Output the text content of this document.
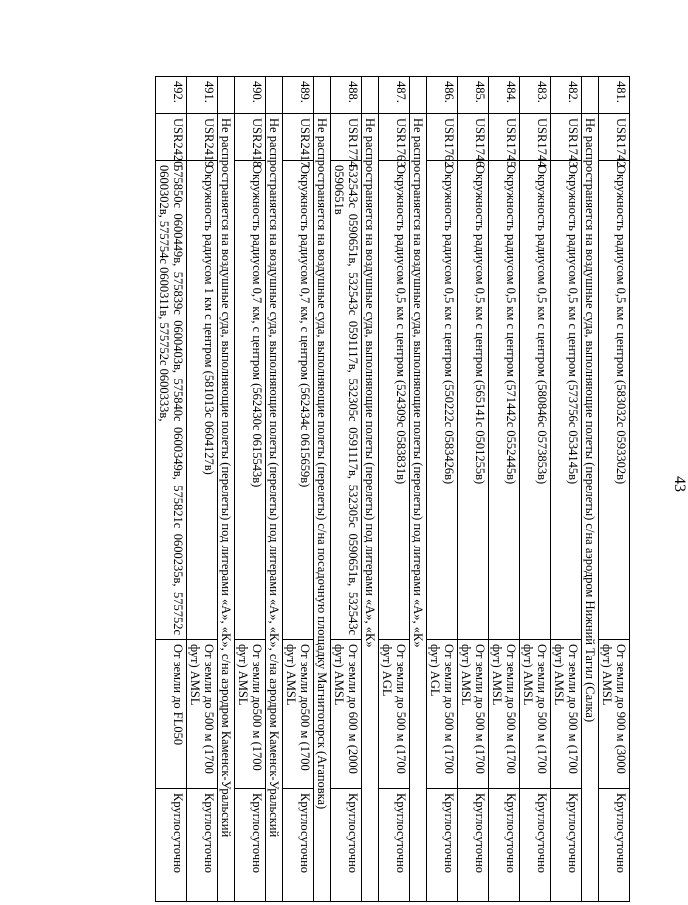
43
481.	USR1742	Окружность радиусом 0,5 км с центром (583032с 0593302в)	От земли до 900 м (3000 фут) AMSL	Круглосуточно
	Не распространяется на воздушные суда, выполняющие полеты (перелеты) с/на аэродром Нижний Тагил (Салка)			
482.	USR1743	Окружность радиусом 0,5 км с центром (573756с 0534145в)	От земли до 500 м (1700 фут) AMSL	Круглосуточно
483.	USR1744	Окружность радиусом 0,5 км с центром (580846с 0573853в)	От земли до 500 м (1700 фут) AMSL	Круглосуточно
484.	USR1745	Окружность радиусом 0,5 км с центром (571442с 0552445в)	От земли до 500 м (1700 фут) AMSL	Круглосуточно
485.	USR1746	Окружность радиусом 0,5 км с центром (565141с 0501255в)	От земли до 500 м (1700 фут) AMSL	Круглосуточно
486.	USR1762	Окружность радиусом 0,5 км с центром (550222с 0583426в)	От земли до 500 м (1700 фут) AGL	Круглосуточно
	Не распространяется на воздушные суда, выполняющие полеты (перелеты) под литерами «А», «К»			
487.	USR1763	Окружность радиусом 0,5 км с центром (524309с 0583831в)	От земли до 500 м (1700 фут) AGL	Круглосуточно
	Не распространяется на воздушные суда, выполняющие полеты (перелеты) под литерами «А», «К»			
488.	USR1774	532543с 0590651в, 532543с 0591117в, 532305с 0591117в, 532305с 0590651в, 532543с 0590651в	От земли до 600 м (2000 фут) AMSL	Круглосуточно
	Не распространяется на воздушные суда, выполняющие полеты (перелеты) с/на посадочную площадку Магнитогорск (Агаповка)			
489.	USR2417	Окружность радиусом 0,7 км, с центром (562434с 0615659в)	От земли до500 м (1700 фут) AMSL	Круглосуточно
	Не распространяется на воздушные суда, выполняющие полеты (перелеты) под литерами «А», «К», с/на аэродром Каменск-Уральский			
490.	USR2418	Окружность радиусом 0,7 км, с центром (562430с 0615543в)	От земли до500 м (1700 фут) AMSL	Круглосуточно
	Не распространяется на воздушные суда, выполняющие полеты (перелеты) под литерами «А», «К», с/на аэродром Каменск-Уральский			
491.	USR2419	Окружность радиусом 1 км с центром (581013с 0604127в)	От земли до 500 м (1700 фут) AMSL	Круглосуточно
492.	USR2420	575850с 0600449в, 575839с 0600403в, 575840с 0600349в, 575821с 0600235в, 575752с 0600302в, 575754с 0600311в, 575752с 0600333в,	От земли до FL050	Круглосуточно
